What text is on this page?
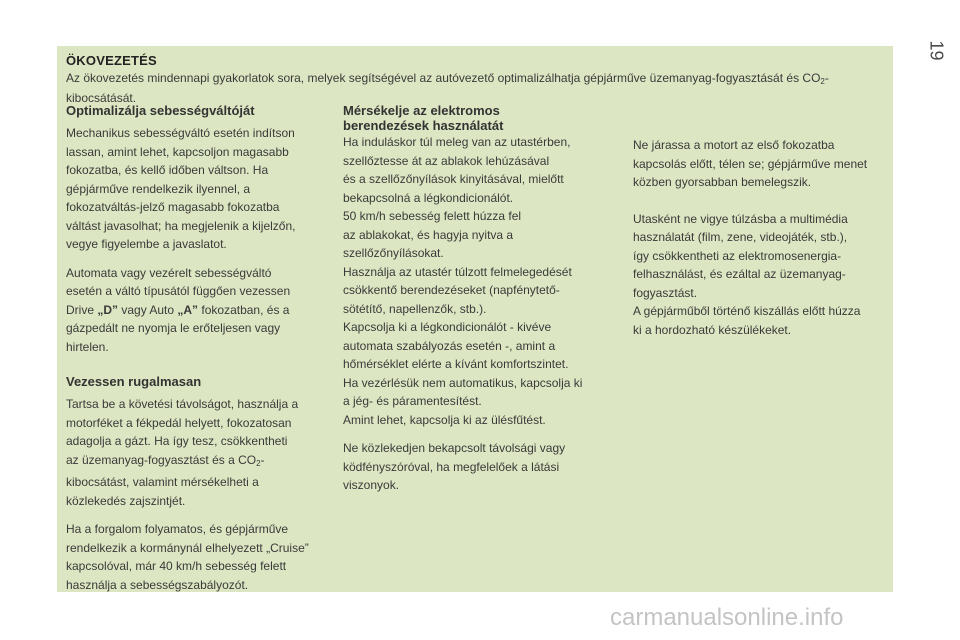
19
ÖKOVEZETÉS
Az ökovezetés mindennapi gyakorlatok sora, melyek segítségével az autóvezető optimalizálhatja gépjárműve üzemanyag-fogyasztását és $CO_2-$
kibocsátását.
Optimalizálja sebességváltóját

Mechanikus sebességváltó esetén indítson
lassan, amint lehet, kapcsoljon magasabb
fokozatba, és kellő időben váltson. Ha
gépjárműve rendelkezik ilyennel, a
fokozatváltás-jelző magasabb fokozatba
váltást javasolhat; ha megjelenik a kijelzőn,
vegye figyelembe a javaslatot.

Automata vagy vezérelt sebességváltó
esetén a váltó típusától függően vezessen
Drive „D” vagy Auto „A” fokozatban, és a
gázpedált ne nyomja le erőteljesen vagy
hirtelen.

Vezessen rugalmasan

Tartsa be a követési távolságot, használja a
motorféket a fékpedál helyett, fokozatosan
adagolja a gázt. Ha így tesz, csökkentheti
az üzemanyag-fogyasztást és a $CO_2-$
kibocsátást, valamint mérsékelheti a
közlekedés zajszintjét.

Ha a forgalom folyamatos, és gépjárműve
rendelkezik a kormánynál elhelyezett „Cruise”
kapcsolóval, már 40 km/h sebesség felett
használja a sebességszabályozót.

Mérsékelje az elektromos
berendezések használatát

Ha induláskor túl meleg van az utastérben,
szellőztesse át az ablakok lehúzásával
és a szellőzőnyílások kinyitásával, mielőtt
bekapcsolná a légkondicionálót.
50 km/h sebesség felett húzza fel
az ablakokat, és hagyja nyitva a
szellőzőnyílásokat.
Használja az utastér túlzott felmelegedését
csökkentő berendezéseket (napfénytető-
sötétítő, napellenzők, stb.).
Kapcsolja ki a légkondicionálót - kivéve
automata szabályozás esetén -, amint a
hőmérséklet elérte a kívánt komfortszintet.
Ha vezérlésük nem automatikus, kapcsolja ki
a jég- és páramentesítést.
Amint lehet, kapcsolja ki az ülésfűtést.

Ne közlekedjen bekapcsolt távolsági vagy
ködfényszóróval, ha megfelelőek a látási
viszonyok.

Ne járassa a motort az első fokozatba
kapcsolás előtt, télen se; gépjárműve menet
közben gyorsabban bemelegszik.

Utasként ne vigye túlzásba a multimédia
használatát (film, zene, videojáték, stb.),
így csökkentheti az elektromosenergia-
felhasználást, és ezáltal az üzemanyag-
fogyasztást.
A gépjárműből történő kiszállás előtt húzza
ki a hordozható készülékeket.

carmanualsonline.info
